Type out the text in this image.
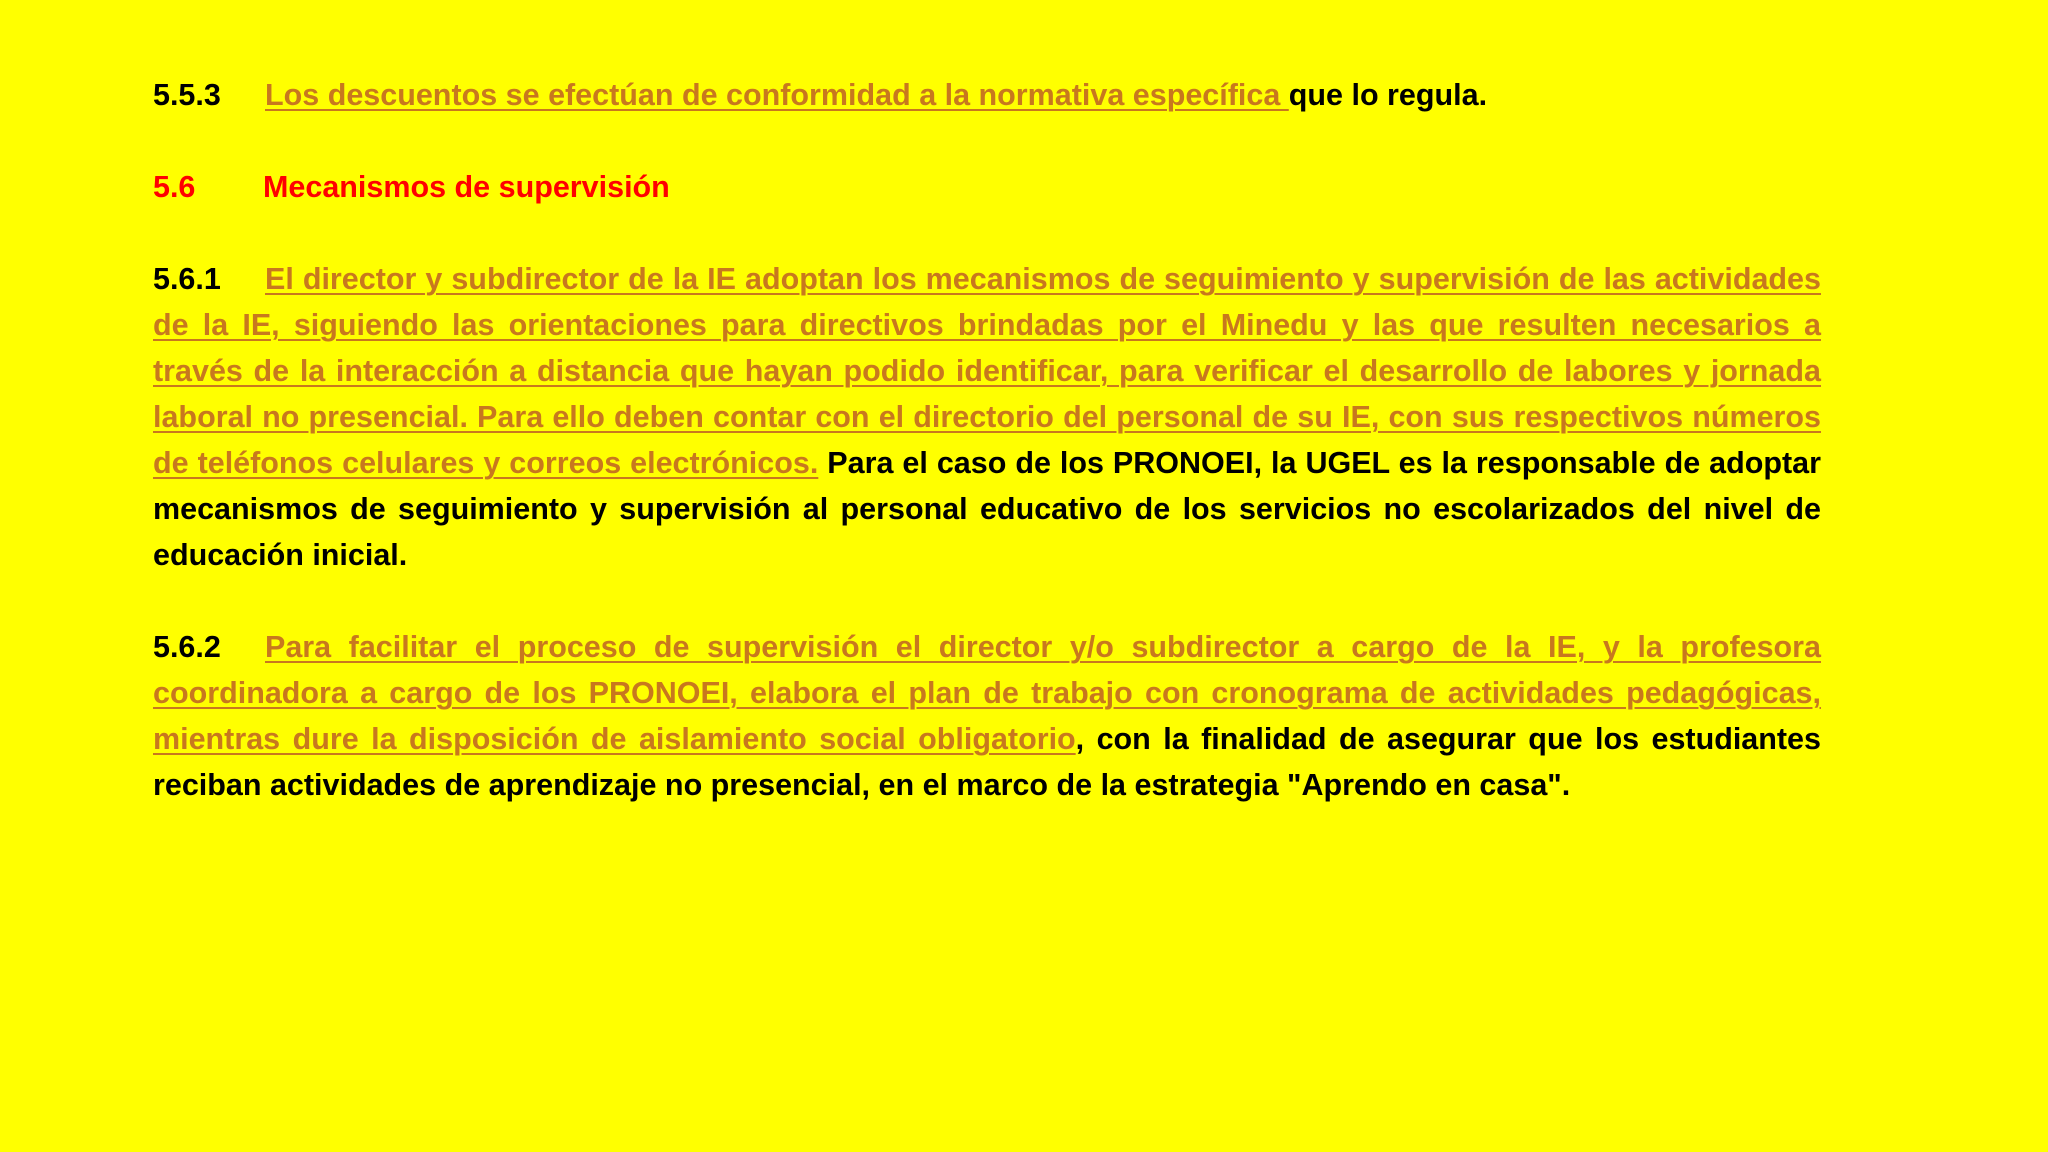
5.5.3 Los descuentos se efectúan de conformidad a la normativa específica que lo regula.

5.6 Mecanismos de supervisión

5.6.1 El director y subdirector de la IE adoptan los mecanismos de seguimiento y supervisión de las actividades de la IE, siguiendo las orientaciones para directivos brindadas por el Minedu y las que resulten necesarios a través de la interacción a distancia que hayan podido identificar, para verificar el desarrollo de labores y jornada laboral no presencial. Para ello deben contar con el directorio del personal de su IE, con sus respectivos números de teléfonos celulares y correos electrónicos. Para el caso de los PRONOEI, la UGEL es la responsable de adoptar mecanismos de seguimiento y supervisión al personal educativo de los servicios no escolarizados del nivel de educación inicial.

5.6.2 Para facilitar el proceso de supervisión el director y/o subdirector a cargo de la IE, y la profesora coordinadora a cargo de los PRONOEI, elabora el plan de trabajo con cronograma de actividades pedagógicas, mientras dure la disposición de aislamiento social obligatorio, con la finalidad de asegurar que los estudiantes reciban actividades de aprendizaje no presencial, en el marco de la estrategia "Aprendo en casa".
